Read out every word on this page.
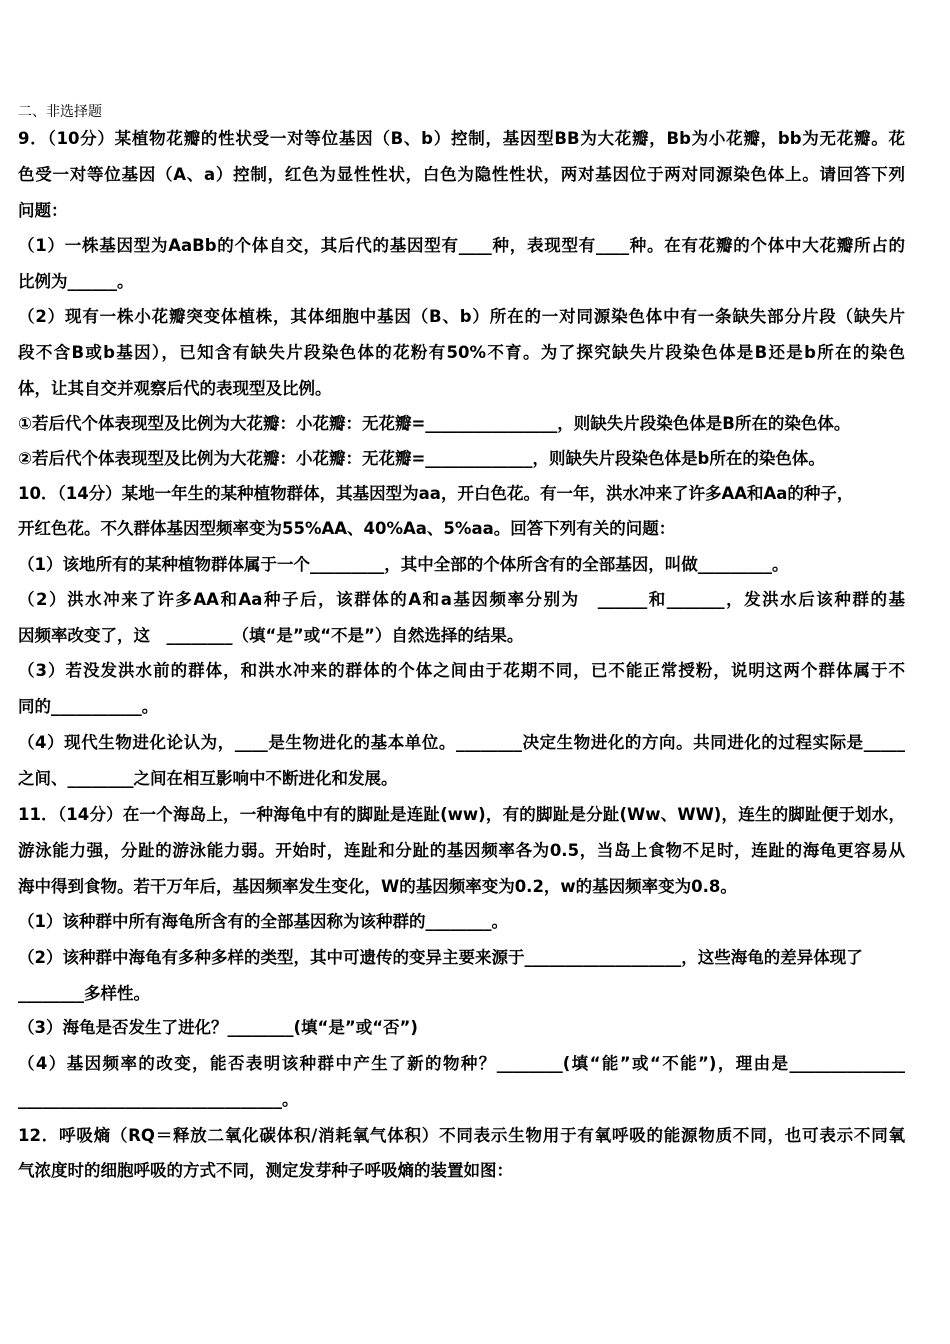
二、非选择题
9．（10分）某植物花瓣的性状受一对等位基因（B、b）控制，基因型BB为大花瓣，Bb为小花瓣，bb为无花瓣。花
色受一对等位基因（A、a）控制，红色为显性性状，白色为隐性性状，两对基因位于两对同源染色体上。请回答下列
问题：
（1）一株基因型为AaBb的个体自交，其后代的基因型有____种，表现型有____种。在有花瓣的个体中大花瓣所占的
比例为______。
（2）现有一株小花瓣突变体植株，其体细胞中基因（B、b）所在的一对同源染色体中有一条缺失部分片段（缺失片
段不含B或b基因），已知含有缺失片段染色体的花粉有50%不育。为了探究缺失片段染色体是B还是b所在的染色
体，让其自交并观察后代的表现型及比例。
①若后代个体表现型及比例为大花瓣：小花瓣：无花瓣=________________，则缺失片段染色体是B所在的染色体。
②若后代个体表现型及比例为大花瓣：小花瓣：无花瓣=_____________，则缺失片段染色体是b所在的染色体。
10．（14分）某地一年生的某种植物群体，其基因型为aa，开白色花。有一年，洪水冲来了许多AA和Aa的种子，
开红色花。不久群体基因型频率变为55%AA、40%Aa、5%aa。回答下列有关的问题：
（1）该地所有的某种植物群体属于一个_________，其中全部的个体所含有的全部基因，叫做_________。
（2）洪水冲来了许多AA和Aa种子后，该群体的A和a基因频率分别为　______和_______，发洪水后该种群的基
因频率改变了，这　________（填“是”或“不是”）自然选择的结果。
（3）若没发洪水前的群体，和洪水冲来的群体的个体之间由于花期不同，已不能正常授粉，说明这两个群体属于不
同的___________。
（4）现代生物进化论认为，____是生物进化的基本单位。________决定生物进化的方向。共同进化的过程实际是_____
之间、________之间在相互影响中不断进化和发展。
11．（14分）在一个海岛上，一种海龟中有的脚趾是连趾(ww)，有的脚趾是分趾(Ww、WW)，连生的脚趾便于划水，
游泳能力强，分趾的游泳能力弱。开始时，连趾和分趾的基因频率各为0.5，当岛上食物不足时，连趾的海龟更容易从
海中得到食物。若干万年后，基因频率发生变化，W的基因频率变为0.2，w的基因频率变为0.8。
（1）该种群中所有海龟所含有的全部基因称为该种群的________。
（2）该种群中海龟有多种多样的类型，其中可遗传的变异主要来源于___________________，这些海龟的差异体现了
________多样性。
（3）海龟是否发生了进化？________(填“是”或“否”)
（4）基因频率的改变，能否表明该种群中产生了新的物种？________(填“能”或“不能”)，理由是______________
________________________________。
12．呼吸熵（RQ＝释放二氧化碳体积/消耗氧气体积）不同表示生物用于有氧呼吸的能源物质不同，也可表示不同氧
气浓度时的细胞呼吸的方式不同，测定发芽种子呼吸熵的装置如图：
